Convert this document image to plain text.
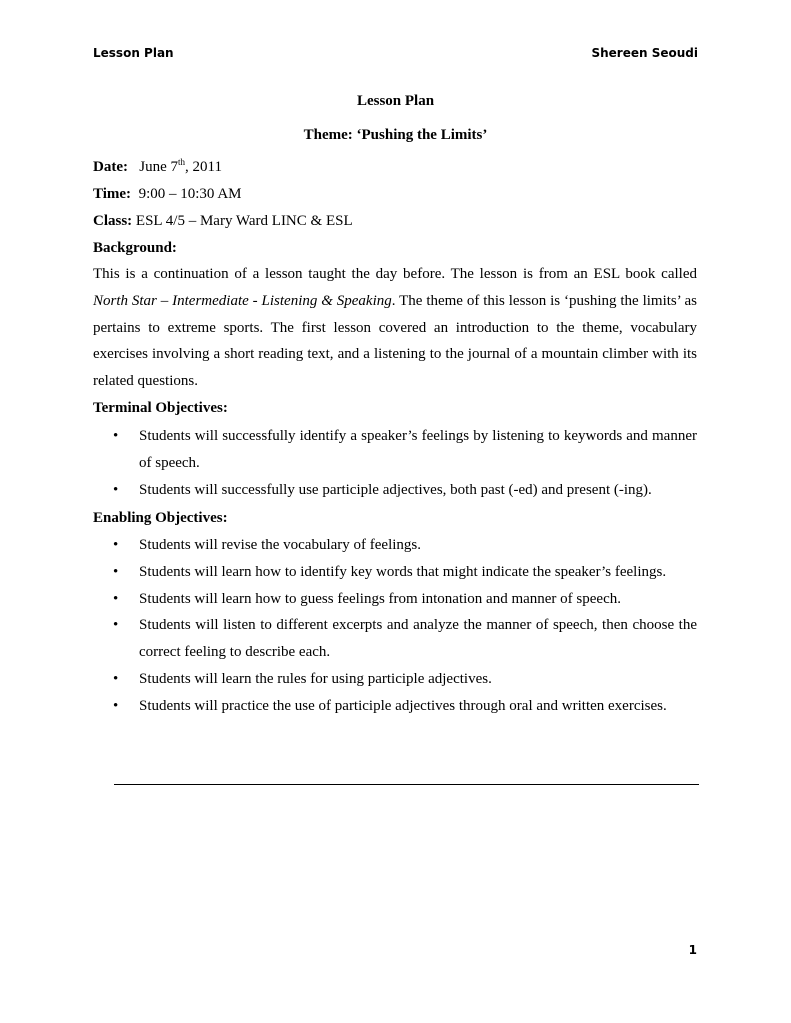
Lesson Plan	Shereen Seoudi
Lesson Plan
Theme: ‘Pushing the Limits’
Date: June 7th, 2011
Time: 9:00 – 10:30 AM
Class: ESL 4/5 – Mary Ward LINC & ESL
Background:
This is a continuation of a lesson taught the day before. The lesson is from an ESL book called North Star – Intermediate - Listening & Speaking. The theme of this lesson is ‘pushing the limits’ as pertains to extreme sports. The first lesson covered an introduction to the theme, vocabulary exercises involving a short reading text, and a listening to the journal of a mountain climber with its related questions.
Terminal Objectives:
• Students will successfully identify a speaker’s feelings by listening to keywords and manner of speech.
• Students will successfully use participle adjectives, both past (-ed) and present (-ing).
Enabling Objectives:
• Students will revise the vocabulary of feelings.
• Students will learn how to identify key words that might indicate the speaker’s feelings.
• Students will learn how to guess feelings from intonation and manner of speech.
• Students will listen to different excerpts and analyze the manner of speech, then choose the correct feeling to describe each.
• Students will learn the rules for using participle adjectives.
• Students will practice the use of participle adjectives through oral and written exercises.
1
